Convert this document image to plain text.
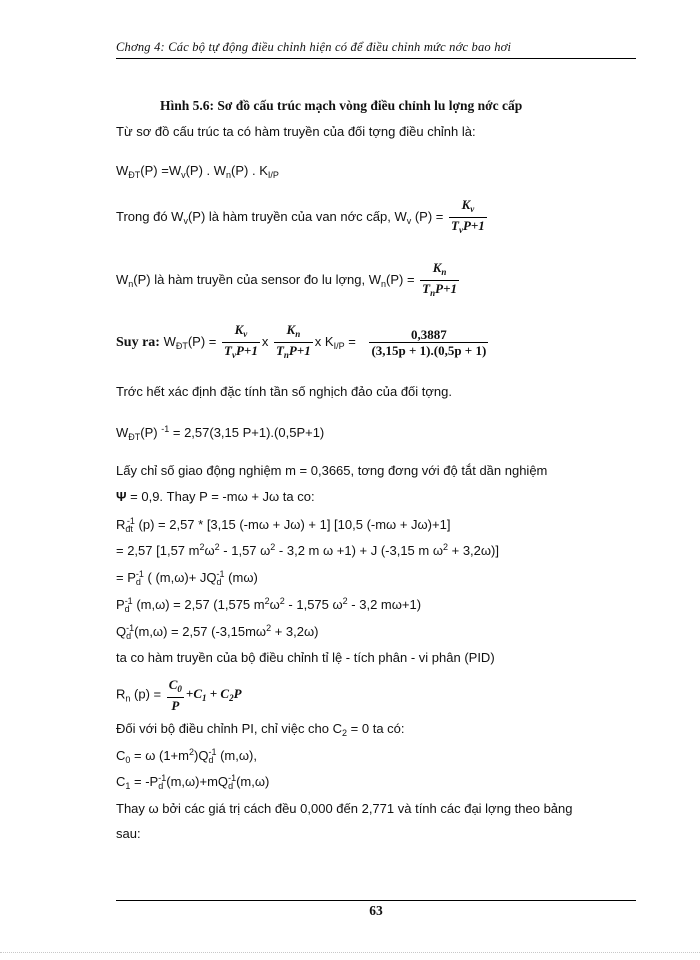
Chơng 4: Các bộ tự động điều chỉnh hiện có để điều chỉnh mức nớc bao hơi
Hình 5.6: Sơ đồ cấu trúc mạch vòng điều chỉnh lu lợng nớc cấp
Từ sơ đồ cấu trúc ta có hàm truyền của đối tợng điều chỉnh là:
$W_{ĐT}(P) =W_v(P)$ . $W_n(P)$ . $K_{I/P}$
Trong đó $W_v(P)$ là hàm truyền của van nớc cấp, $W_v$ $(P) = \frac{K_v}{T_vP+1}$
$W_n(P)$ là hàm truyền của sensor đo lu lợng, $W_n(P) = \frac{K_n}{T_nP+1}$
Suy ra: $W_{ĐT}(P) = \frac{K_v}{T_vP+1}$ x $\frac{K_n}{T_nP+1}$ x $K_{I/P} = \frac{0,3887}{(3,15p + 1).(0,5p + 1)}$
Trớc hết xác định đặc tính tần số nghịch đảo của đối tợng.
$W_{ĐT}(P) ^{-1} = 2,57(3,15$ P+1).(0,5P+1)
Lấy chỉ số giao động nghiệm m = 0,3665, tơng đơng với độ tắt dần nghiệm
Ψ = 0,9. Thay P = -mω + Jω ta co:
$R_{đt}^{-1}$ (p) = 2,57 * [3,15 (-mω + Jω) + 1] [10,5 (-mω + Jω)+1]
= 2,57 [1,57 $m^2\omega^2 - 1,57$ $\omega^2 - 3,2$ m ω +1) + J (-3,15 m $\omega^2 + 3,2\omega$)]
= $P_d^{-1}$ ( $(m,\omega)+ JQ_d^{-1}$ (mω)
$P_d^{-1}$ (m,ω) = 2,57 (1,575 $m^2\omega^2 - 1,575$ $\omega^2 - 3,2$ mω+1)
$Q_d^{-1}(m,\omega) = 2,57$ $(-3,15m\omega^2 + 3,2\omega)$
ta co hàm truyền của bộ điều chỉnh tỉ lệ - tích phân - vi phân (PID)
$R_n$ $(p) = \frac{C_0}{P} +C_1 + C_2P$
Đối với bộ điều chỉnh PI, chỉ việc cho $C_2 = 0$ ta có:
$C_0 = \omega$ $(1+m^2)Q_d^{-1}$ (m,ω),
$C_1 = -P_d^{-1}(m,\omega)+mQ_d^{-1}(m,\omega)$
Thay ω bởi các giá trị cách đều 0,000 đến 2,771 và tính các đại lợng theo bảng
sau:
63
